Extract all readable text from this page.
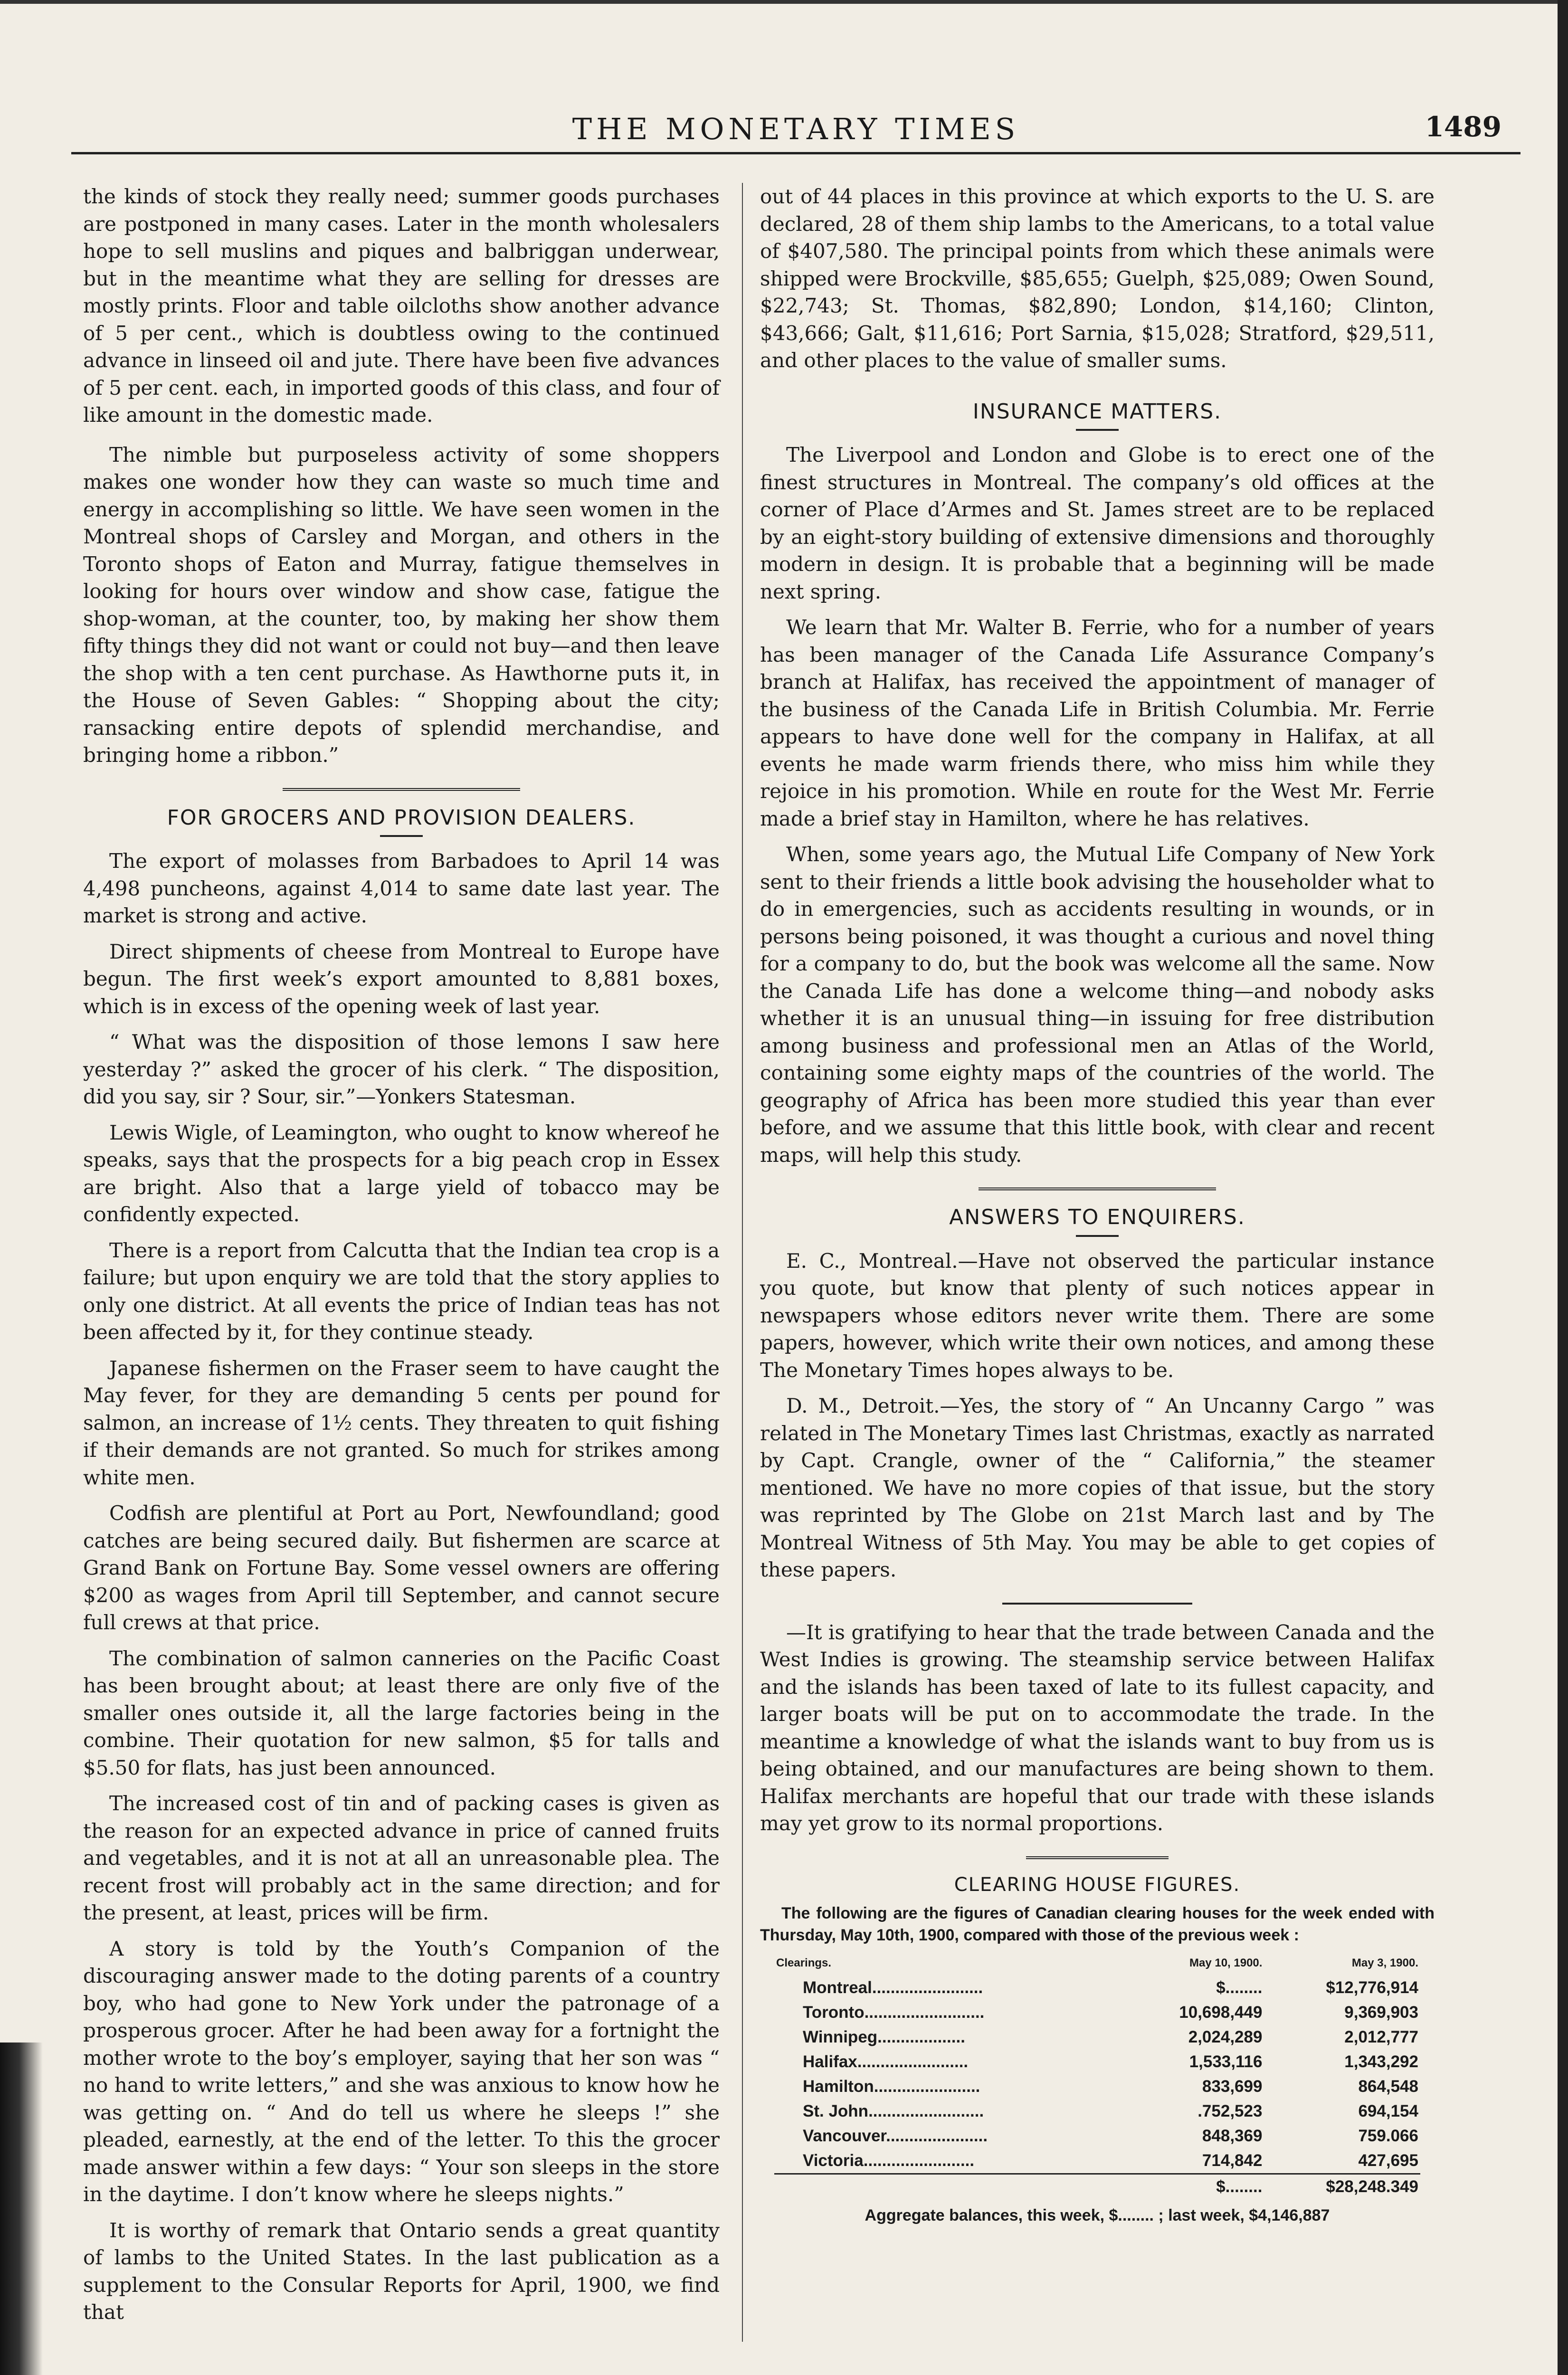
THE MONETARY TIMES	1489

the kinds of stock they really need; summer goods purchases are postponed in many cases. Later in the month wholesalers hope to sell muslins and piques and balbriggan underwear, but in the meantime what they are selling for dresses are mostly prints. Floor and table oilcloths show another advance of 5 per cent., which is doubtless owing to the continued advance in linseed oil and jute. There have been five advances of 5 per cent. each, in imported goods of this class, and four of like amount in the domestic made.

The nimble but purposeless activity of some shoppers makes one wonder how they can waste so much time and energy in accomplishing so little. We have seen women in the Montreal shops of Carsley and Morgan, and others in the Toronto shops of Eaton and Murray, fatigue themselves in looking for hours over window and show case, fatigue the shop-woman, at the counter, too, by making her show them fifty things they did not want or could not buy—and then leave the shop with a ten cent purchase. As Hawthorne puts it, in the House of Seven Gables: “ Shopping about the city; ransacking entire depots of splendid merchandise, and bringing home a ribbon.”

FOR GROCERS AND PROVISION DEALERS.

The export of molasses from Barbadoes to April 14 was 4,498 puncheons, against 4,014 to same date last year. The market is strong and active.

Direct shipments of cheese from Montreal to Europe have begun. The first week’s export amounted to 8,881 boxes, which is in excess of the opening week of last year.

“ What was the disposition of those lemons I saw here yesterday ?” asked the grocer of his clerk. “ The disposition, did you say, sir ? Sour, sir.”—Yonkers Statesman.

Lewis Wigle, of Leamington, who ought to know whereof he speaks, says that the prospects for a big peach crop in Essex are bright. Also that a large yield of tobacco may be confidently expected.

There is a report from Calcutta that the Indian tea crop is a failure; but upon enquiry we are told that the story applies to only one district. At all events the price of Indian teas has not been affected by it, for they continue steady.

Japanese fishermen on the Fraser seem to have caught the May fever, for they are demanding 5 cents per pound for salmon, an increase of 1½ cents. They threaten to quit fishing if their demands are not granted. So much for strikes among white men.

Codfish are plentiful at Port au Port, Newfoundland; good catches are being secured daily. But fishermen are scarce at Grand Bank on Fortune Bay. Some vessel owners are offering $200 as wages from April till September, and cannot secure full crews at that price.

The combination of salmon canneries on the Pacific Coast has been brought about; at least there are only five of the smaller ones outside it, all the large factories being in the combine. Their quotation for new salmon, $5 for talls and $5.50 for flats, has just been announced.

The increased cost of tin and of packing cases is given as the reason for an expected advance in price of canned fruits and vegetables, and it is not at all an unreasonable plea. The recent frost will probably act in the same direction; and for the present, at least, prices will be firm.

A story is told by the Youth’s Companion of the discouraging answer made to the doting parents of a country boy, who had gone to New York under the patronage of a prosperous grocer. After he had been away for a fortnight the mother wrote to the boy’s employer, saying that her son was “ no hand to write letters,” and she was anxious to know how he was getting on. “ And do tell us where he sleeps !” she pleaded, earnestly, at the end of the letter. To this the grocer made answer within a few days: “ Your son sleeps in the store in the daytime. I don’t know where he sleeps nights.”

It is worthy of remark that Ontario sends a great quantity of lambs to the United States. In the last publication as a supplement to the Consular Reports for April, 1900, we find that

out of 44 places in this province at which exports to the U. S. are declared, 28 of them ship lambs to the Americans, to a total value of $407,580. The principal points from which these animals were shipped were Brockville, $85,655; Guelph, $25,089; Owen Sound, $22,743; St. Thomas, $82,890; London, $14,160; Clinton, $43,666; Galt, $11,616; Port Sarnia, $15,028; Stratford, $29,511, and other places to the value of smaller sums.

INSURANCE MATTERS.

The Liverpool and London and Globe is to erect one of the finest structures in Montreal. The company’s old offices at the corner of Place d’Armes and St. James street are to be replaced by an eight-story building of extensive dimensions and thoroughly modern in design. It is probable that a beginning will be made next spring.

We learn that Mr. Walter B. Ferrie, who for a number of years has been manager of the Canada Life Assurance Company’s branch at Halifax, has received the appointment of manager of the business of the Canada Life in British Columbia. Mr. Ferrie appears to have done well for the company in Halifax, at all events he made warm friends there, who miss him while they rejoice in his promotion. While en route for the West Mr. Ferrie made a brief stay in Hamilton, where he has relatives.

When, some years ago, the Mutual Life Company of New York sent to their friends a little book advising the householder what to do in emergencies, such as accidents resulting in wounds, or in persons being poisoned, it was thought a curious and novel thing for a company to do, but the book was welcome all the same. Now the Canada Life has done a welcome thing—and nobody asks whether it is an unusual thing—in issuing for free distribution among business and professional men an Atlas of the World, containing some eighty maps of the countries of the world. The geography of Africa has been more studied this year than ever before, and we assume that this little book, with clear and recent maps, will help this study.

ANSWERS TO ENQUIRERS.

E. C., Montreal.—Have not observed the particular instance you quote, but know that plenty of such notices appear in newspapers whose editors never write them. There are some papers, however, which write their own notices, and among these The Monetary Times hopes always to be.

D. M., Detroit.—Yes, the story of “ An Uncanny Cargo ” was related in The Monetary Times last Christmas, exactly as narrated by Capt. Crangle, owner of the “ California,” the steamer mentioned. We have no more copies of that issue, but the story was reprinted by The Globe on 21st March last and by The Montreal Witness of 5th May. You may be able to get copies of these papers.

—It is gratifying to hear that the trade between Canada and the West Indies is growing. The steamship service between Halifax and the islands has been taxed of late to its fullest capacity, and larger boats will be put on to accommodate the trade. In the meantime a knowledge of what the islands want to buy from us is being obtained, and our manufactures are being shown to them. Halifax merchants are hopeful that our trade with these islands may yet grow to its normal proportions.

CLEARING HOUSE FIGURES.
The following are the figures of Canadian clearing houses for the week ended with Thursday, May 10th, 1900, compared with those of the previous week :
Clearings.	May 10, 1900.	May 3, 1900.
Montreal........................	$........	$12,776,914
Toronto..........................	10,698,449	9,369,903
Winnipeg...................	2,024,289	2,012,777
Halifax........................	1,533,116	1,343,292
Hamilton.......................	833,699	864,548
St. John.........................	.752,523	694,154
Vancouver......................	848,369	759.066
Victoria........................	714,842	427,695
	$........	$28,248.349
Aggregate balances, this week, $........ ; last week, $4,146,887
